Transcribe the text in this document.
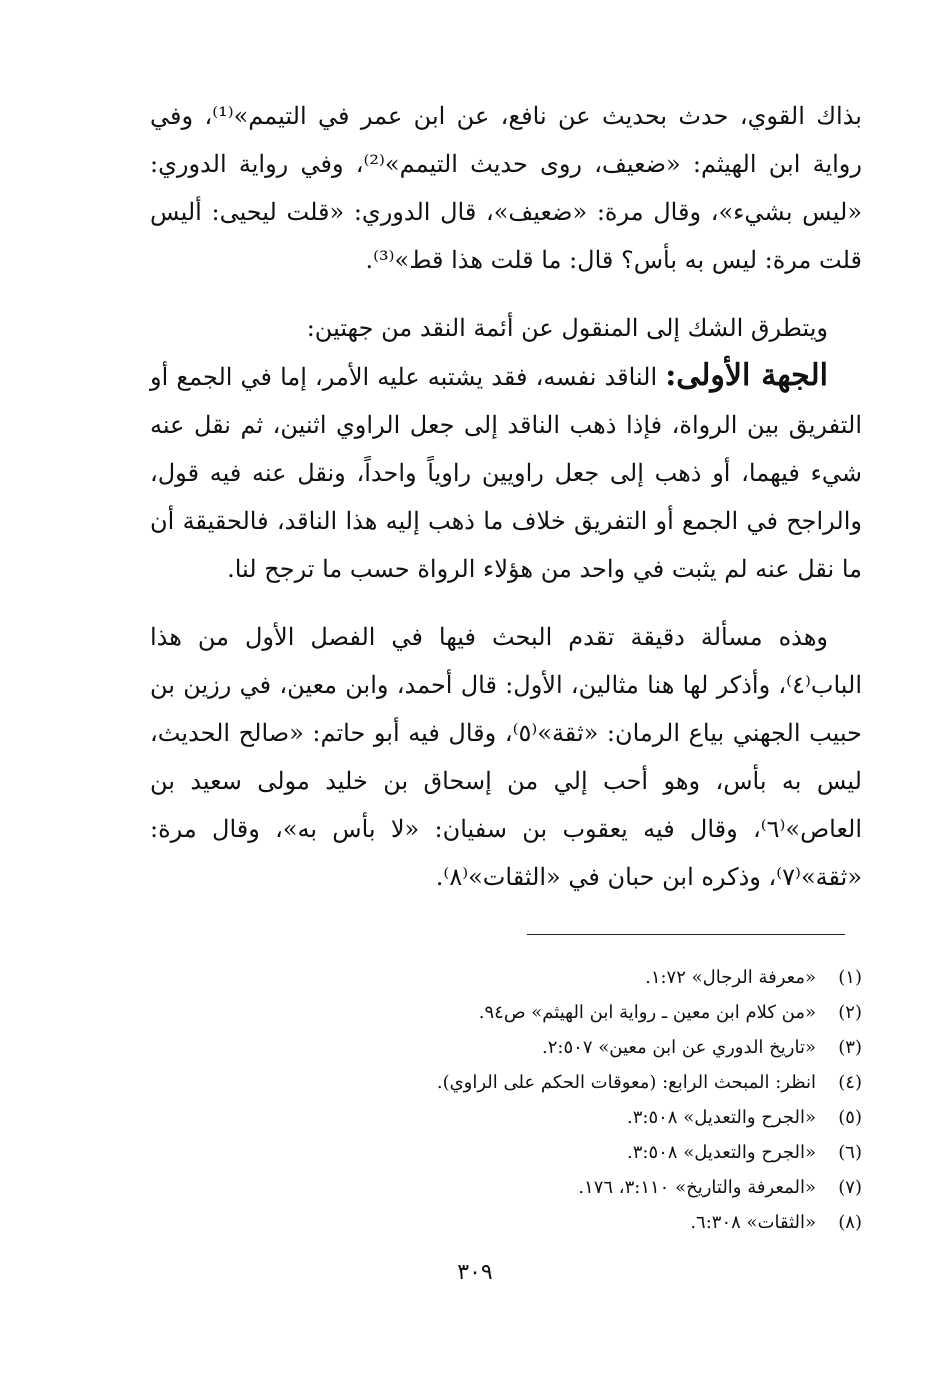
بذاك القوي، حدث بحديث عن نافع، عن ابن عمر في التيمم»⁽¹⁾، وفي رواية ابن الهيثم: «ضعيف، روى حديث التيمم»⁽²⁾، وفي رواية الدوري: «ليس بشيء»، وقال مرة: «ضعيف»، قال الدوري: «قلت ليحيى: أليس قلت مرة: ليس به بأس؟ قال: ما قلت هذا قط»⁽³⁾.

ويتطرق الشك إلى المنقول عن أئمة النقد من جهتين:

الجهة الأولى: الناقد نفسه، فقد يشتبه عليه الأمر، إما في الجمع أو التفريق بين الرواة، فإذا ذهب الناقد إلى جعل الراوي اثنين، ثم نقل عنه شيء فيهما، أو ذهب إلى جعل راويين راوياً واحداً، ونقل عنه فيه قول، والراجح في الجمع أو التفريق خلاف ما ذهب إليه هذا الناقد، فالحقيقة أن ما نقل عنه لم يثبت في واحد من هؤلاء الرواة حسب ما ترجح لنا.

وهذه مسألة دقيقة تقدم البحث فيها في الفصل الأول من هذا الباب⁽٤⁾، وأذكر لها هنا مثالين، الأول: قال أحمد، وابن معين، في رزين بن حبيب الجهني بياع الرمان: «ثقة»⁽٥⁾، وقال فيه أبو حاتم: «صالح الحديث، ليس به بأس، وهو أحب إلي من إسحاق بن خليد مولى سعيد بن العاص»⁽٦⁾، وقال فيه يعقوب بن سفيان: «لا بأس به»، وقال مرة: «ثقة»⁽٧⁾، وذكره ابن حبان في «الثقات»⁽٨⁾.

(١)
«معرفة الرجال» ١:٧٢.
(٢)
«من كلام ابن معين ـ رواية ابن الهيثم» ص٩٤.
(٣)
«تاريخ الدوري عن ابن معين» ٢:٥٠٧.
(٤)
انظر: المبحث الرابع: (معوقات الحكم على الراوي).
(٥)
«الجرح والتعديل» ٣:٥٠٨.
(٦)
«الجرح والتعديل» ٣:٥٠٨.
(٧)
«المعرفة والتاريخ» ٣:١١٠، ١٧٦.
(٨)
«الثقات» ٦:٣٠٨.
٣٠٩
